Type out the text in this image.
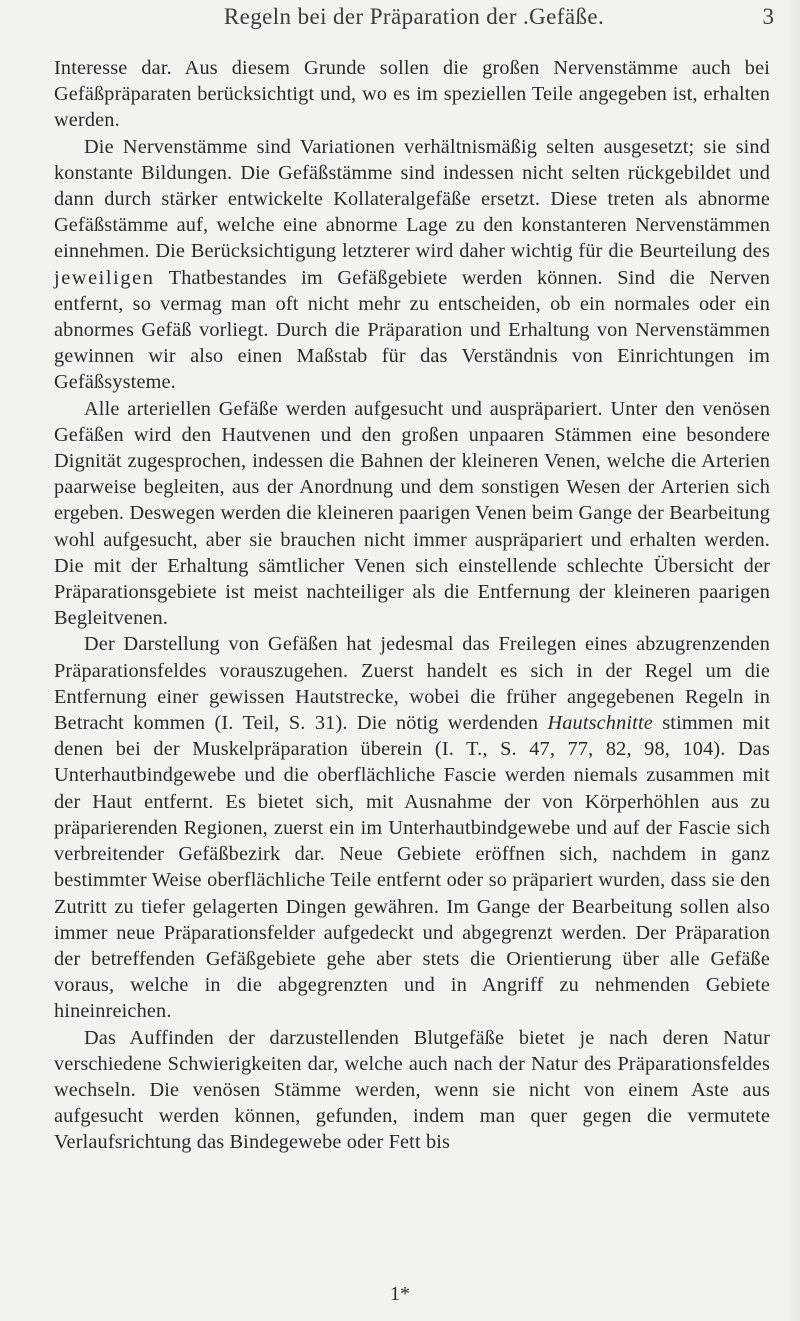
Regeln bei der Präparation der .Gefäße.	3

Interesse dar. Aus diesem Grunde sollen die großen Nervenstämme auch bei Gefäßpräparaten berücksichtigt und, wo es im speziellen Teile angegeben ist, erhalten werden.

Die Nervenstämme sind Variationen verhältnismäßig selten ausgesetzt; sie sind konstante Bildungen. Die Gefäßstämme sind indessen nicht selten rückgebildet und dann durch stärker entwickelte Kollateralgefäße ersetzt. Diese treten als abnorme Gefäßstämme auf, welche eine abnorme Lage zu den konstanteren Nervenstämmen einnehmen. Die Berücksichtigung letzterer wird daher wichtig für die Beurteilung des jeweiligen Thatbestandes im Gefäßgebiete werden können. Sind die Nerven entfernt, so vermag man oft nicht mehr zu entscheiden, ob ein normales oder ein abnormes Gefäß vorliegt. Durch die Präparation und Erhaltung von Nervenstämmen gewinnen wir also einen Maßstab für das Verständnis von Einrichtungen im Gefäßsysteme.

Alle arteriellen Gefäße werden aufgesucht und auspräpariert. Unter den venösen Gefäßen wird den Hautvenen und den großen unpaaren Stämmen eine besondere Dignität zugesprochen, indessen die Bahnen der kleineren Venen, welche die Arterien paarweise begleiten, aus der Anordnung und dem sonstigen Wesen der Arterien sich ergeben. Deswegen werden die kleineren paarigen Venen beim Gange der Bearbeitung wohl aufgesucht, aber sie brauchen nicht immer auspräpariert und erhalten werden. Die mit der Erhaltung sämtlicher Venen sich einstellende schlechte Übersicht der Präparationsgebiete ist meist nachteiliger als die Entfernung der kleineren paarigen Begleitvenen.

Der Darstellung von Gefäßen hat jedesmal das Freilegen eines abzugrenzenden Präparationsfeldes vorauszugehen. Zuerst handelt es sich in der Regel um die Entfernung einer gewissen Hautstrecke, wobei die früher angegebenen Regeln in Betracht kommen (I. Teil, S. 31). Die nötig werdenden Hautschnitte stimmen mit denen bei der Muskelpräparation überein (I. T., S. 47, 77, 82, 98, 104). Das Unterhautbindgewebe und die oberflächliche Fascie werden niemals zusammen mit der Haut entfernt. Es bietet sich, mit Ausnahme der von Körperhöhlen aus zu präparierenden Regionen, zuerst ein im Unterhautbindgewebe und auf der Fascie sich verbreitender Gefäßbezirk dar. Neue Gebiete eröffnen sich, nachdem in ganz bestimmter Weise oberflächliche Teile entfernt oder so präpariert wurden, dass sie den Zutritt zu tiefer gelagerten Dingen gewähren. Im Gange der Bearbeitung sollen also immer neue Präparationsfelder aufgedeckt und abgegrenzt werden. Der Präparation der betreffenden Gefäßgebiete gehe aber stets die Orientierung über alle Gefäße voraus, welche in die abgegrenzten und in Angriff zu nehmenden Gebiete hineinreichen.

Das Auffinden der darzustellenden Blutgefäße bietet je nach deren Natur verschiedene Schwierigkeiten dar, welche auch nach der Natur des Präparationsfeldes wechseln. Die venösen Stämme werden, wenn sie nicht von einem Aste aus aufgesucht werden können, gefunden, indem man quer gegen die vermutete Verlaufsrichtung das Bindegewebe oder Fett bis

1*
